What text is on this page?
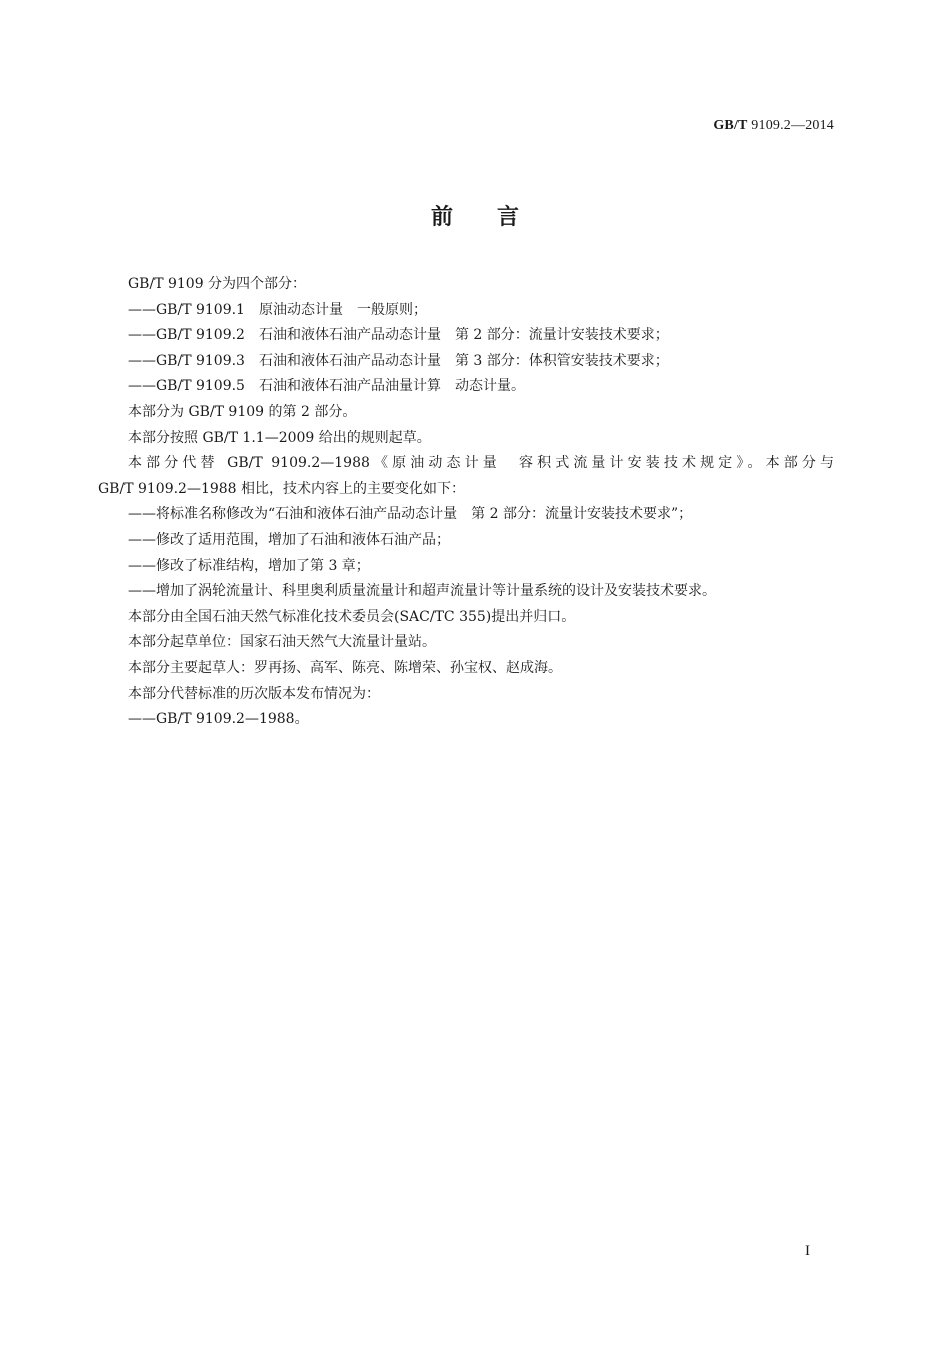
GB/T 9109.2—2014
前言
GB/T 9109 分为四个部分：
——GB/T 9109.1　原油动态计量　一般原则；
——GB/T 9109.2　石油和液体石油产品动态计量　第 2 部分：流量计安装技术要求；
——GB/T 9109.3　石油和液体石油产品动态计量　第 3 部分：体积管安装技术要求；
——GB/T 9109.5　石油和液体石油产品油量计算　动态计量。
本部分为 GB/T 9109 的第 2 部分。
本部分按照 GB/T 1.1—2009 给出的规则起草。
本部分代替 GB/T 9109.2—1988《原油动态计量　容积式流量计安装技术规定》。本部分与
GB/T 9109.2—1988 相比，技术内容上的主要变化如下：
——将标准名称修改为“石油和液体石油产品动态计量　第 2 部分：流量计安装技术要求”；
——修改了适用范围，增加了石油和液体石油产品；
——修改了标准结构，增加了第 3 章；
——增加了涡轮流量计、科里奥利质量流量计和超声流量计等计量系统的设计及安装技术要求。
本部分由全国石油天然气标准化技术委员会(SAC/TC 355)提出并归口。
本部分起草单位：国家石油天然气大流量计量站。
本部分主要起草人：罗再扬、高军、陈亮、陈增荣、孙宝权、赵成海。
本部分代替标准的历次版本发布情况为：
——GB/T 9109.2—1988。
I
